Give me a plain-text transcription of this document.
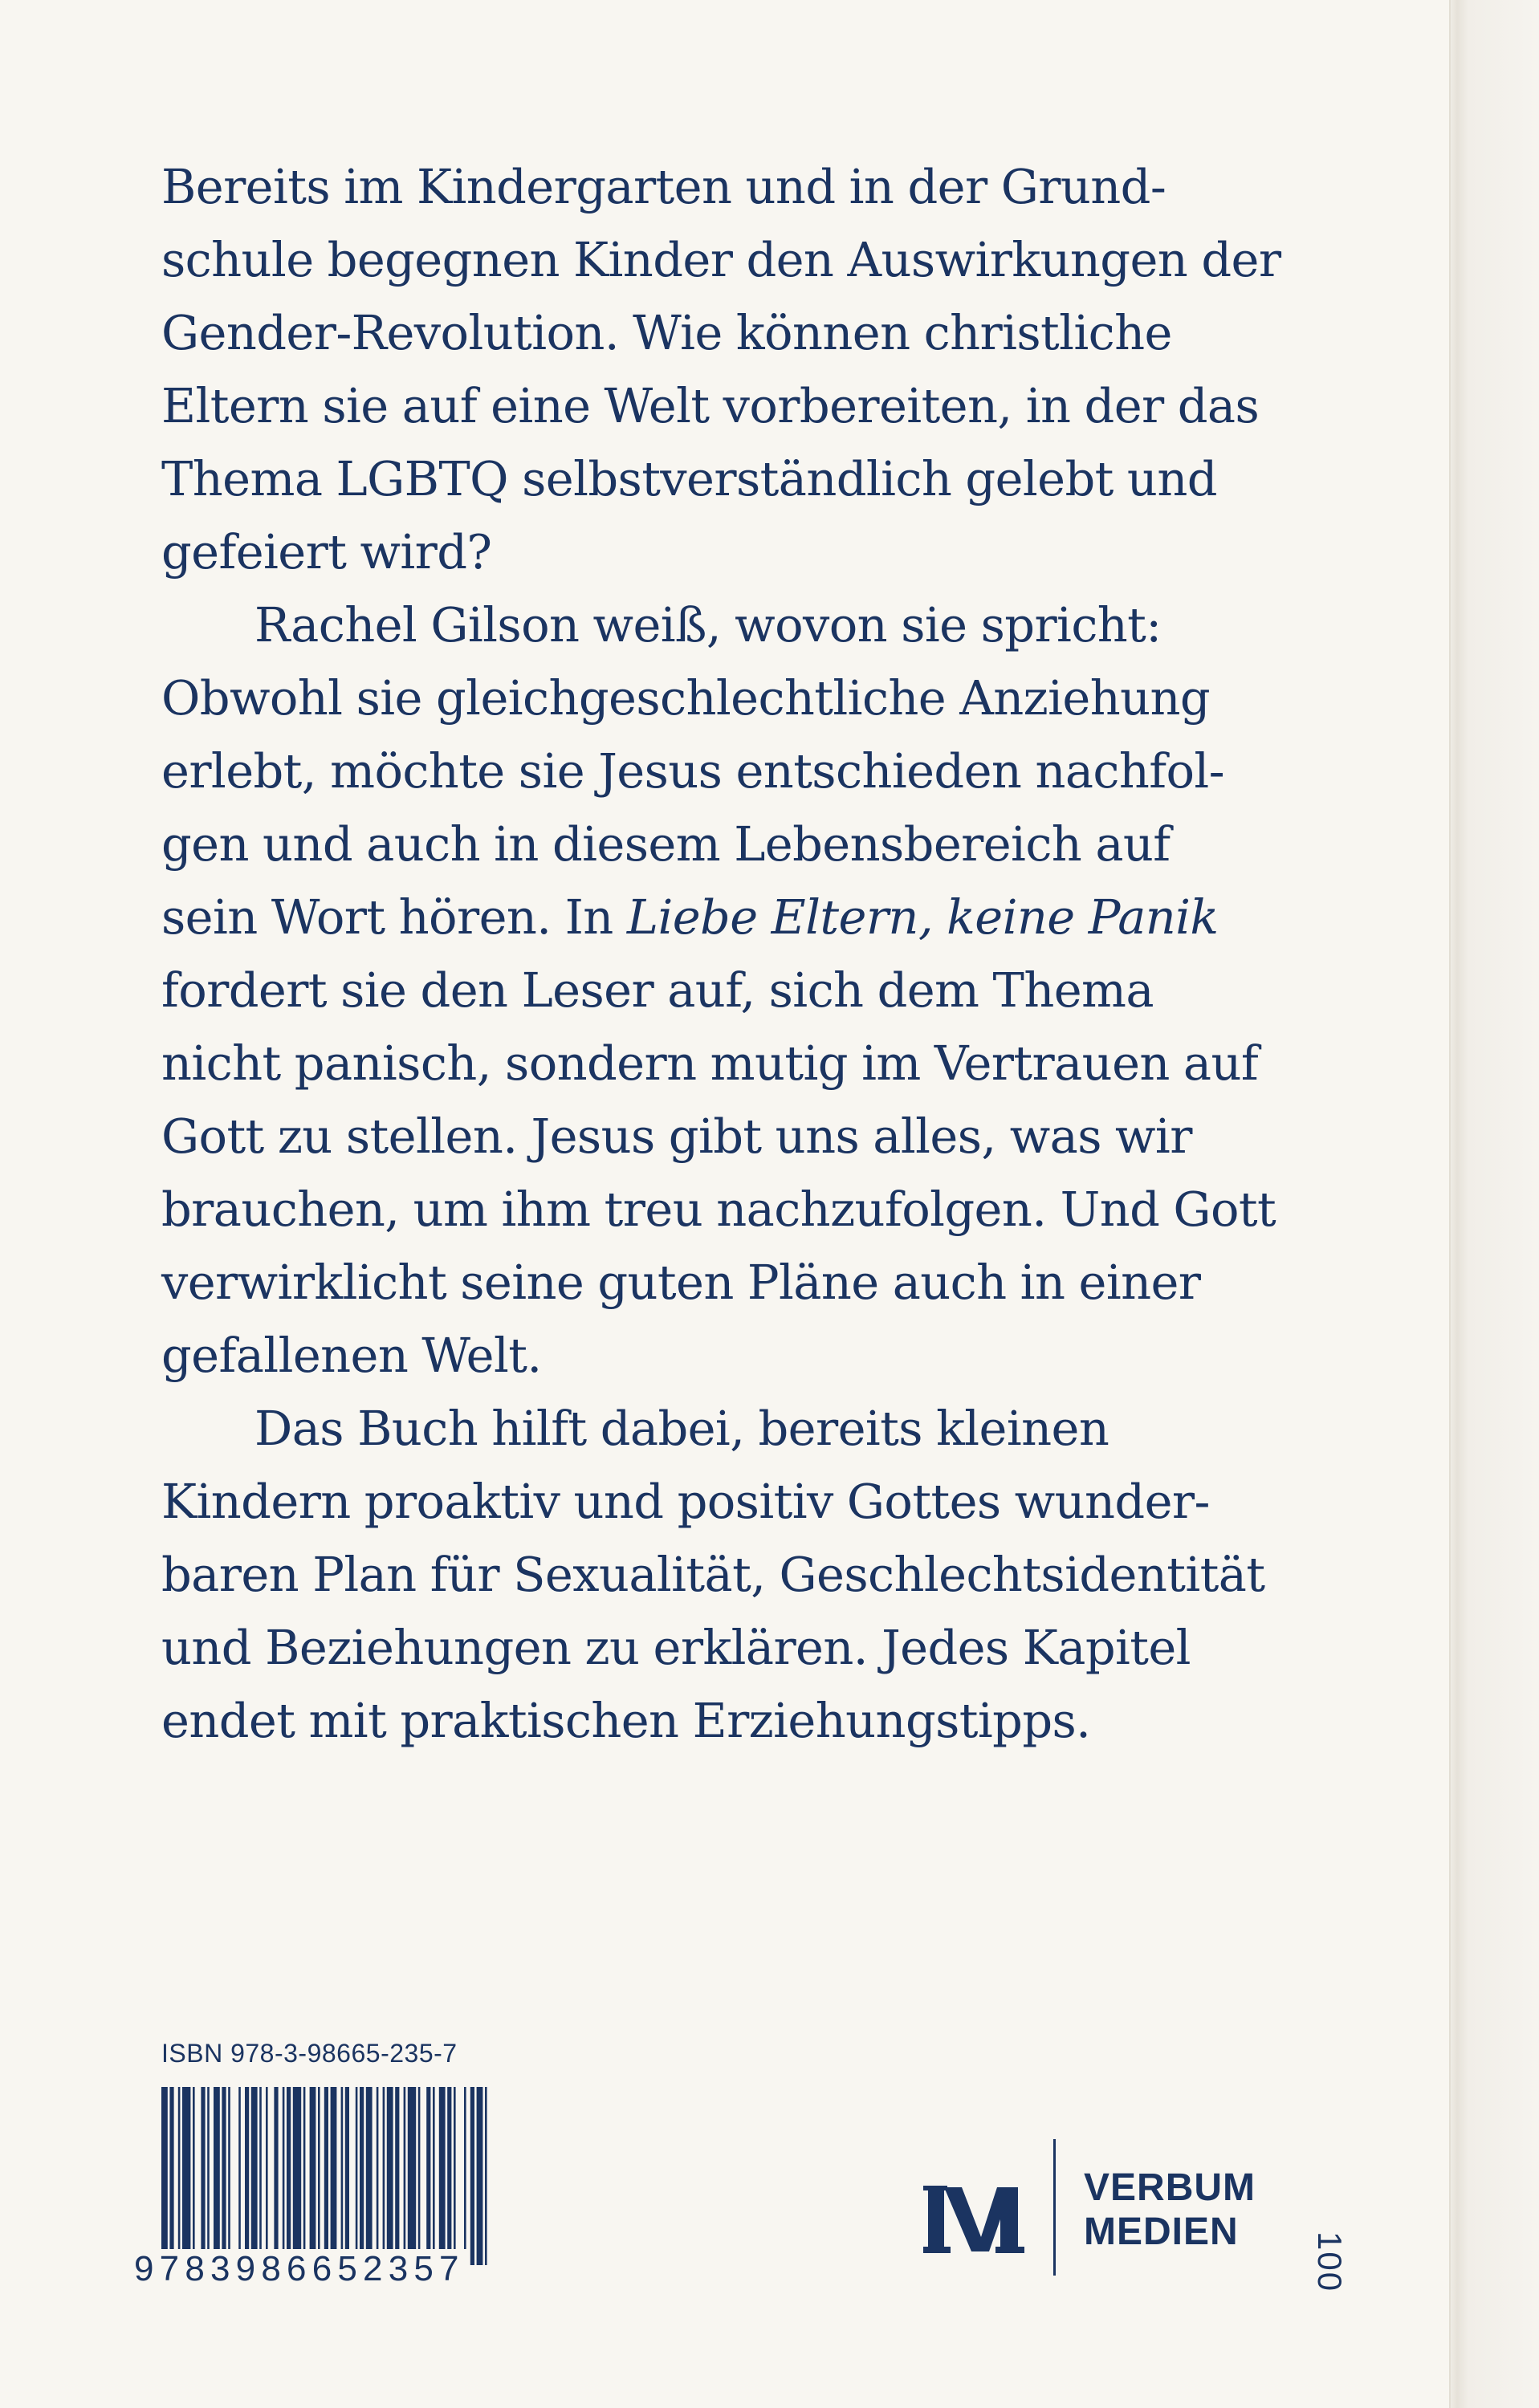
Bereits im Kindergarten und in der Grund-
schule begegnen Kinder den Auswirkungen der
Gender-Revolution. Wie können christliche
Eltern sie auf eine Welt vorbereiten, in der das
Thema LGBTQ selbstverständlich gelebt und
gefeiert wird?

Rachel Gilson weiß, wovon sie spricht:
Obwohl sie gleichgeschlechtliche Anziehung
erlebt, möchte sie Jesus entschieden nachfol-
gen und auch in diesem Lebensbereich auf
sein Wort hören. In Liebe Eltern, keine Panik
fordert sie den Leser auf, sich dem Thema
nicht panisch, sondern mutig im Vertrauen auf
Gott zu stellen. Jesus gibt uns alles, was wir
brauchen, um ihm treu nachzufolgen. Und Gott
verwirklicht seine guten Pläne auch in einer
gefallenen Welt.

Das Buch hilft dabei, bereits kleinen
Kindern proaktiv und positiv Gottes wunder-
baren Plan für Sexualität, Geschlechtsidentität
und Beziehungen zu erklären. Jedes Kapitel
endet mit praktischen Erziehungstipps.

ISBN 978-3-98665-235-7
9783986652357
VERBUM
MEDIEN	100
